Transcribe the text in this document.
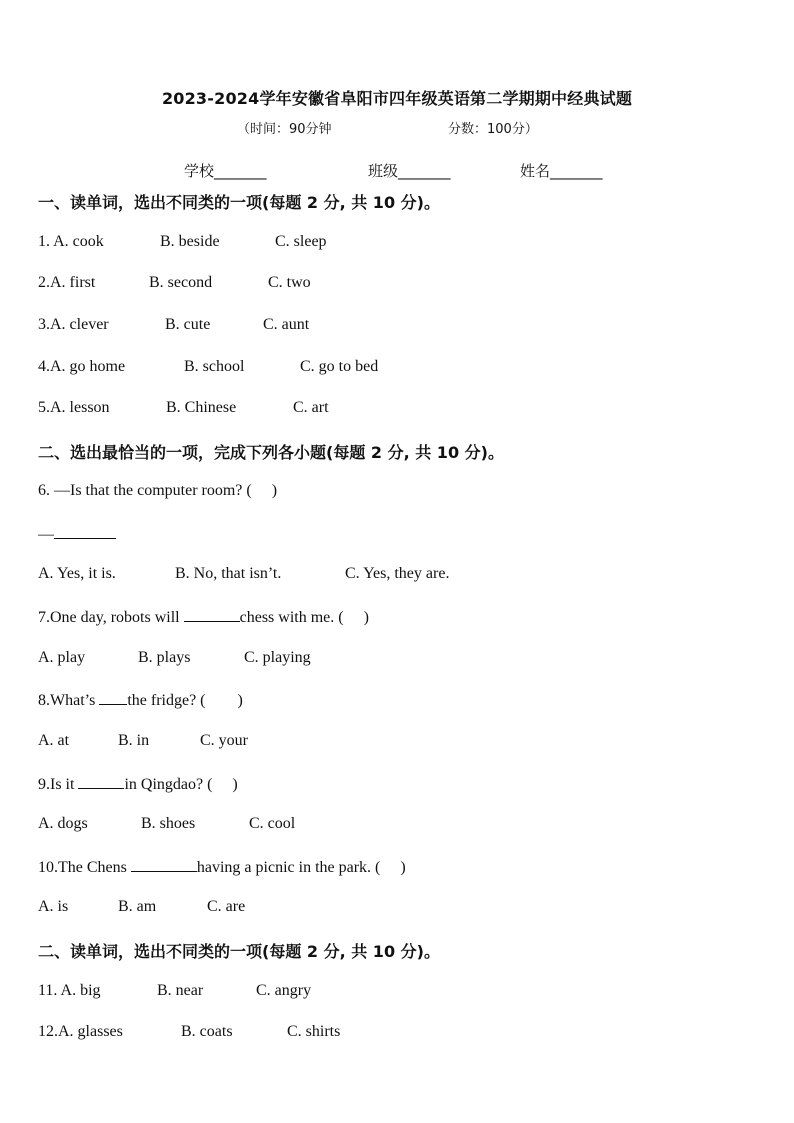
2023-2024学年安徽省阜阳市四年级英语第二学期期中经典试题
（时间：90分钟	分数：100分）
学校_______	班级_______	姓名_______
一、读单词，选出不同类的一项(每题 2 分, 共 10 分)。
1. A. cook	B. beside	C. sleep
2.A. first	B. second	C. two
3.A. clever	B. cute	C. aunt
4.A. go home	B. school	C. go to bed
5.A. lesson	B. Chinese	C. art
二、选出最恰当的一项，完成下列各小题(每题 2 分, 共 10 分)。
6. —Is that the computer room? (     )
—
A. Yes, it is.	B. No, that isn’t.	C. Yes, they are.
7.One day, robots will	chess with me. (     )
A. play	B. plays	C. playing
8.What’s the fridge? (        )
A. at	B. in	C. your
9.Is it	in Qingdao? (     )
A. dogs	B. shoes	C. cool
10.The Chens	having a picnic in the park. (     )
A. is	B. am	C. are
二、读单词，选出不同类的一项(每题 2 分, 共 10 分)。
11. A. big	B. near	C. angry
12.A. glasses	B. coats	C. shirts
